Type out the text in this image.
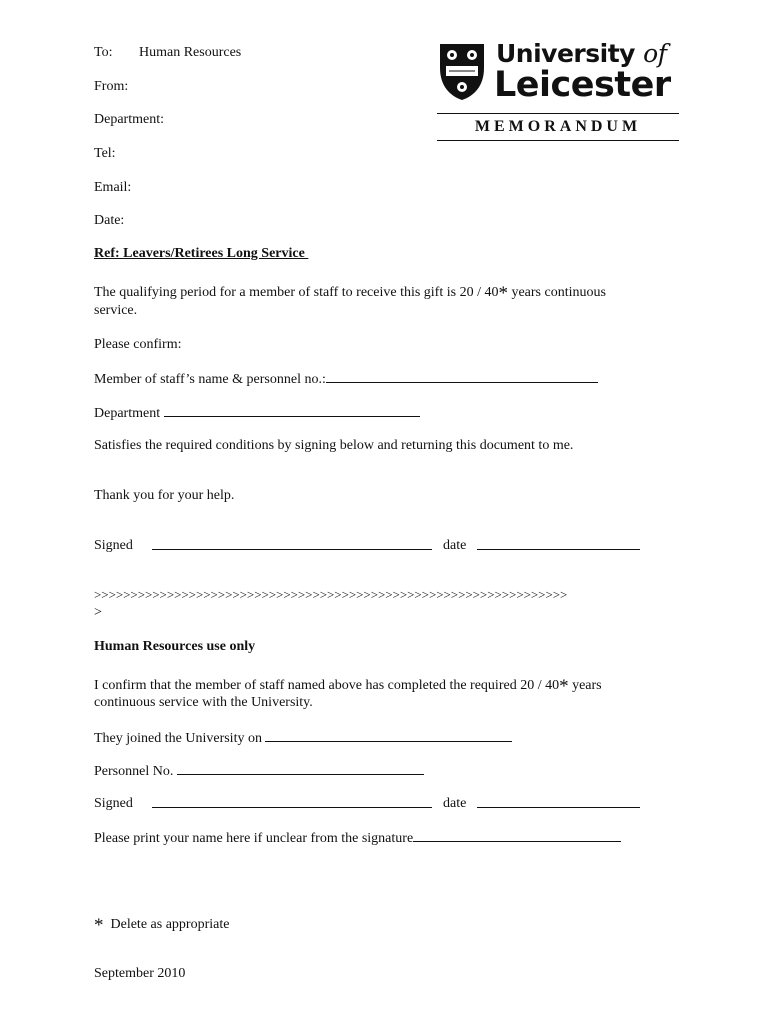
To: Human Resources
From:
Department:
Tel:
Email:
Date:
University of
Leicester
MEMORANDUM
Ref: Leavers/Retirees Long Service
The qualifying period for a member of staff to receive this gift is 20 / 40* years continuous
service.
Please confirm:
Member of staff’s name & personnel no.:
Department
Satisfies the required conditions by signing below and returning this document to me.
Thank you for your help.
Signed	date
>>>>>>>>>>>>>>>>>>>>>>>>>>>>>>>>>>>>>>>>>>>>>>>>>>>>>>>>>>>>>>>>>
>
Human Resources use only
I confirm that the member of staff named above has completed the required 20 / 40* years
continuous service with the University.
They joined the University on
Personnel No.
Signed	date
Please print your name here if unclear from the signature
* Delete as appropriate
September 2010
